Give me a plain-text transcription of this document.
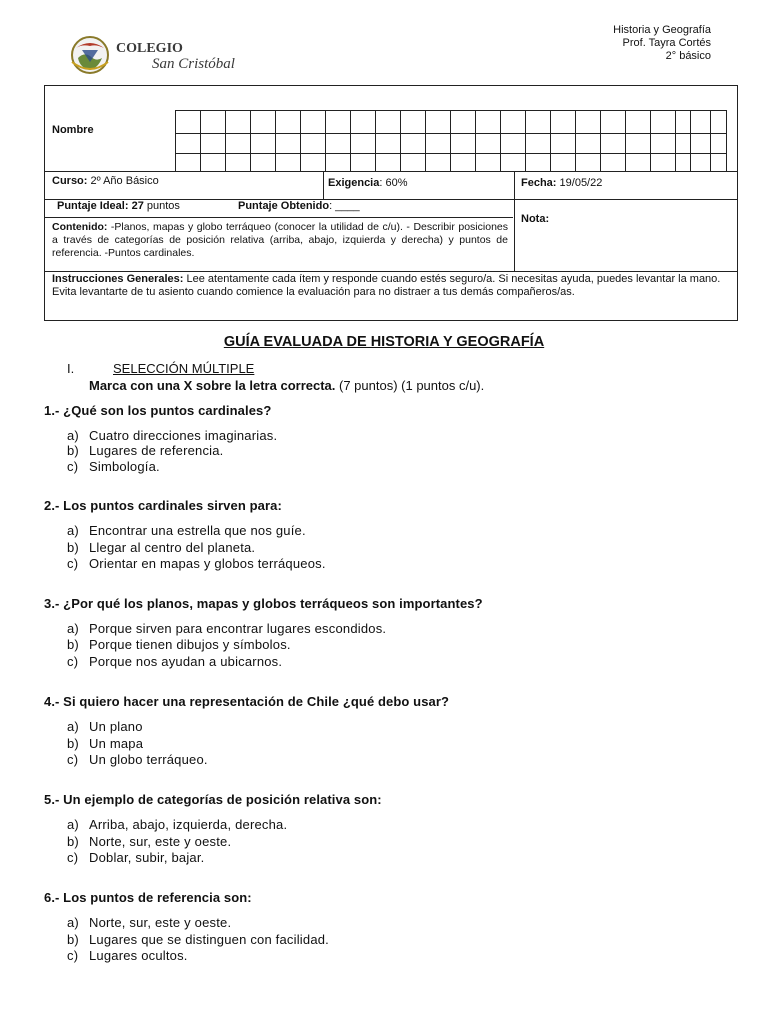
COLEGIO
San Cristóbal
Historia y Geografía
Prof. Tayra Cortés
2° básico
Nombre
Curso: 2º Año Básico	Exigencia: 60%	Fecha: 19/05/22
Puntaje Ideal: 27 puntos	Puntaje Obtenido: ____
Nota:
Contenido: -Planos, mapas y globo terráqueo (conocer la utilidad de c/u). - Describir posiciones a través de categorías de posición relativa (arriba, abajo, izquierda y derecha) y puntos de referencia. -Puntos cardinales.
Instrucciones Generales: Lee atentamente cada ítem y responde cuando estés seguro/a. Si necesitas ayuda, puedes levantar la mano. Evita levantarte de tu asiento cuando comience la evaluación para no distraer a tus demás compañeros/as.
GUÍA EVALUADA DE HISTORIA Y GEOGRAFÍA
I.	SELECCIÓN MÚLTIPLE
Marca con una X sobre la letra correcta. (7 puntos) (1 puntos c/u).
1.- ¿Qué son los puntos cardinales?
a) Cuatro direcciones imaginarias.
b) Lugares de referencia.
c) Simbología.
2.- Los puntos cardinales sirven para:
a) Encontrar una estrella que nos guíe.
b) Llegar al centro del planeta.
c) Orientar en mapas y globos terráqueos.
3.- ¿Por qué los planos, mapas y globos terráqueos son importantes?
a) Porque sirven para encontrar lugares escondidos.
b) Porque tienen dibujos y símbolos.
c) Porque nos ayudan a ubicarnos.
4.- Si quiero hacer una representación de Chile ¿qué debo usar?
a) Un plano
b) Un mapa
c) Un globo terráqueo.
5.- Un ejemplo de categorías de posición relativa son:
a) Arriba, abajo, izquierda, derecha.
b) Norte, sur, este y oeste.
c) Doblar, subir, bajar.
6.- Los puntos de referencia son:
a) Norte, sur, este y oeste.
b) Lugares que se distinguen con facilidad.
c) Lugares ocultos.
